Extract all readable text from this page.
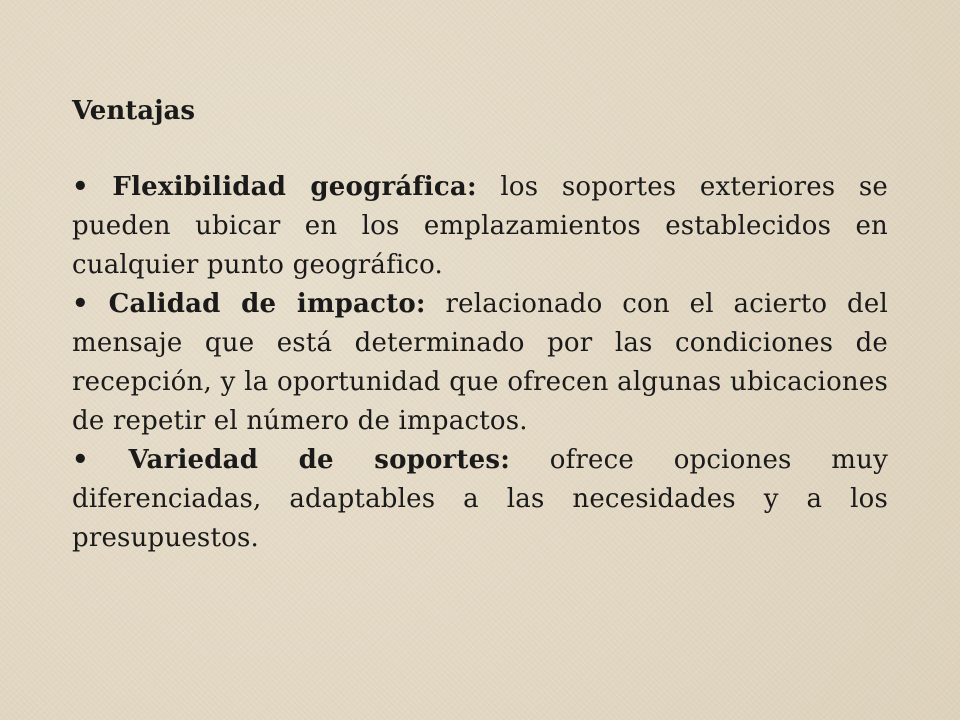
Ventajas

• Flexibilidad geográfica: los soportes exteriores se pueden ubicar en los emplazamientos establecidos en cualquier punto geográfico.

• Calidad de impacto: relacionado con el acierto del mensaje que está determinado por las condiciones de recepción, y la oportunidad que ofrecen algunas ubicaciones de repetir el número de impactos.

• Variedad de soportes: ofrece opciones muy diferenciadas, adaptables a las necesidades y a los presupuestos.
